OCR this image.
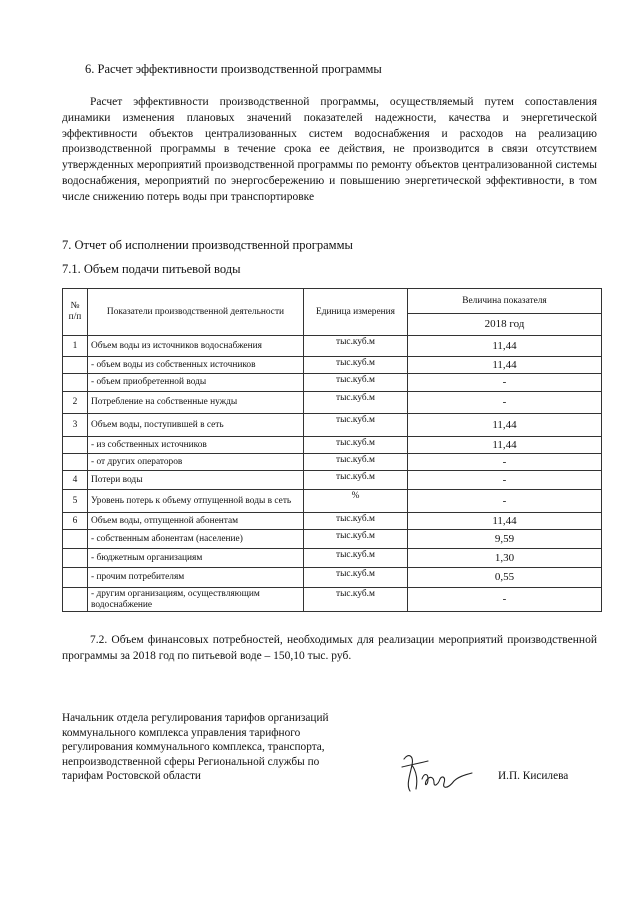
6. Расчет эффективности производственной программы
Расчет эффективности производственной программы, осуществляемый путем сопоставления динамики изменения плановых значений показателей надежности, качества и энергетической эффективности объектов централизованных систем водоснабжения и расходов на реализацию производственной программы в течение срока ее действия, не производится в связи отсутствием утвержденных мероприятий производственной программы по ремонту объектов централизованной системы водоснабжения, мероприятий по энергосбережению и повышению энергетической эффективности, в том числе снижению потерь воды при транспортировке
7. Отчет об исполнении производственной программы
7.1. Объем подачи питьевой воды
№ п/п	Показатели производственной деятельности	Единица измерения	Величина показателя
			2018 год
1	Объем воды из источников водоснабжения	тыс.куб.м	11,44
	- объем воды из собственных источников	тыс.куб.м	11,44
	- объем приобретенной воды	тыс.куб.м	-
2	Потребление на собственные нужды	тыс.куб.м	-
3	Объем воды, поступившей в сеть	тыс.куб.м	11,44
	- из собственных источников	тыс.куб.м	11,44
	- от других операторов	тыс.куб.м	-
4	Потери воды	тыс.куб.м	-
5	Уровень потерь к объему отпущенной воды в сеть	%	-
6	Объем воды, отпущенной абонентам	тыс.куб.м	11,44
	- собственным абонентам (население)	тыс.куб.м	9,59
	- бюджетным организациям	тыс.куб.м	1,30
	- прочим потребителям	тыс.куб.м	0,55
	- другим организациям, осуществляющим водоснабжение	тыс.куб.м	-
7.2. Объем финансовых потребностей, необходимых для реализации мероприятий производственной программы за 2018 год по питьевой воде – 150,10 тыс. руб.
Начальник отдела регулирования тарифов организаций
коммунального комплекса управления тарифного
регулирования коммунального комплекса, транспорта,
непроизводственной сферы Региональной службы по
тарифам Ростовской области	И.П. Кисилева
